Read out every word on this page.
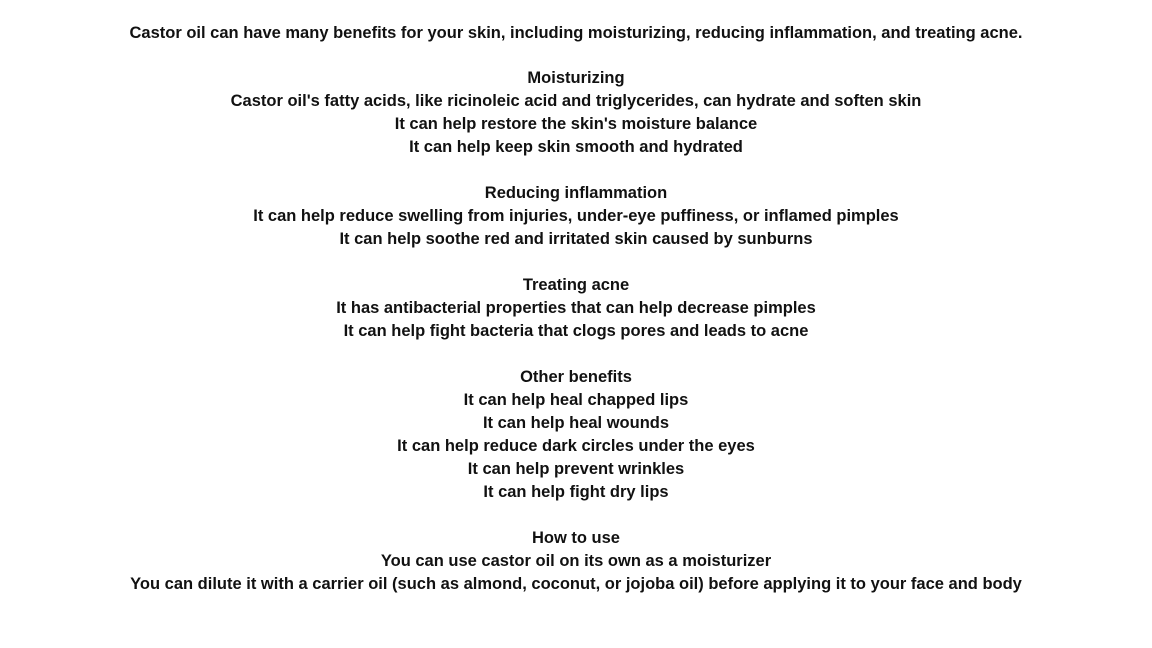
Castor oil can have many benefits for your skin, including moisturizing, reducing inflammation, and treating acne.
Moisturizing
Castor oil's fatty acids, like ricinoleic acid and triglycerides, can hydrate and soften skin
It can help restore the skin's moisture balance
It can help keep skin smooth and hydrated
Reducing inflammation
It can help reduce swelling from injuries, under-eye puffiness, or inflamed pimples
It can help soothe red and irritated skin caused by sunburns
Treating acne
It has antibacterial properties that can help decrease pimples
It can help fight bacteria that clogs pores and leads to acne
Other benefits
It can help heal chapped lips
It can help heal wounds
It can help reduce dark circles under the eyes
It can help prevent wrinkles
It can help fight dry lips
How to use
You can use castor oil on its own as a moisturizer
You can dilute it with a carrier oil (such as almond, coconut, or jojoba oil) before applying it to your face and body
